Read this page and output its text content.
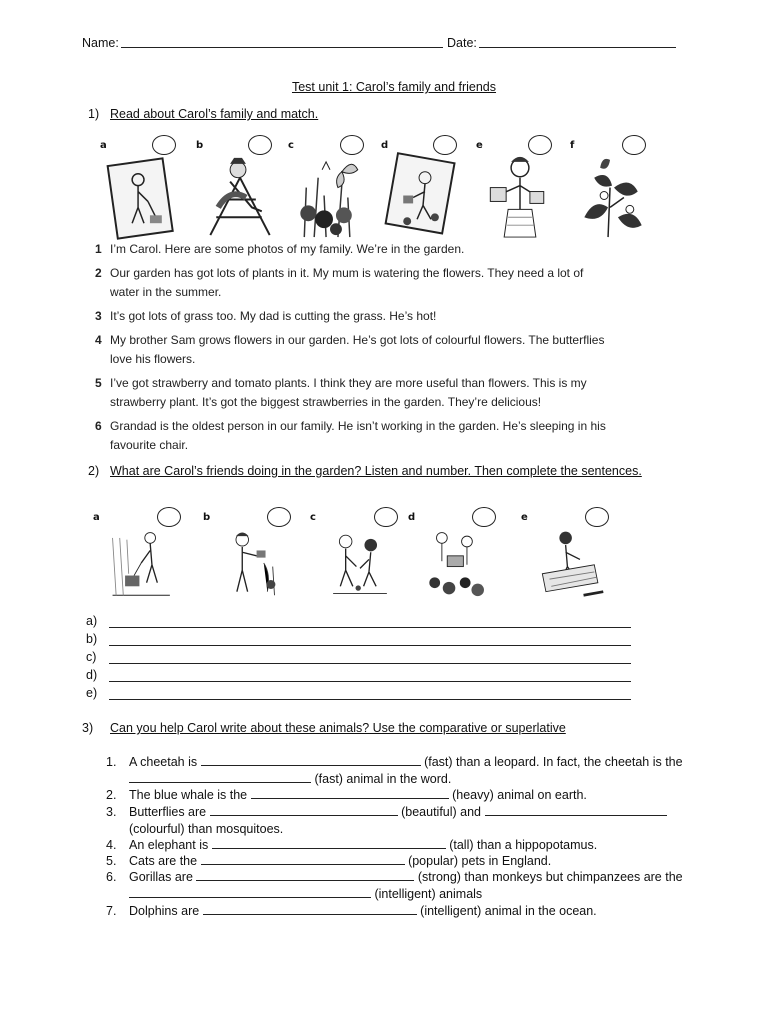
Name:	Date:
Test unit 1: Carol’s family and friends
1) Read about Carol’s family and match.
a	b	c	d	e	f
1 I’m Carol. Here are some photos of my family. We’re in the garden.
2 Our garden has got lots of plants in it. My mum is watering the flowers. They need a lot of
water in the summer.
3 It’s got lots of grass too. My dad is cutting the grass. He’s hot!
4 My brother Sam grows flowers in our garden. He’s got lots of colourful flowers. The butterflies
love his flowers.
5 I’ve got strawberry and tomato plants. I think they are more useful than flowers. This is my
strawberry plant. It’s got the biggest strawberries in the garden. They’re delicious!
6 Grandad is the oldest person in our family. He isn’t working in the garden. He’s sleeping in his
favourite chair.
2) What are Carol’s friends doing in the garden? Listen and number. Then complete the sentences.
a	b	c	d	e
a)
b)
c)
d)
e)
3) Can you help Carol write about these animals? Use the comparative or superlative
1. A cheetah is	(fast) than a leopard. In fact, the cheetah is the
(fast) animal in the word.
2. The blue whale is the	(heavy) animal on earth.
3. Butterflies are	(beautiful) and
(colourful) than mosquitoes.
4. An elephant is	(tall) than a hippopotamus.
5. Cats are the	(popular) pets in England.
6. Gorillas are	(strong) than monkeys but chimpanzees are the
(intelligent) animals
7. Dolphins are	(intelligent) animal in the ocean.
